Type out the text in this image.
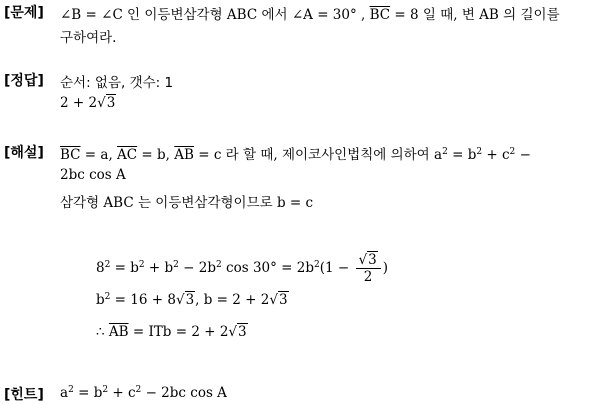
[문제] ∠B = ∠C 인 이등변삼각형 ABC 에서 ∠A = 30° , $\overline{BC} = 8$ 일 때, 변 AB 의 길이를
구하여라.
[정답] 순서: 없음, 갯수: 1
2 + 2√3
[해설] $\overline{BC} = a$, $\overline{AC} = b$, $\overline{AB} = c$ 라 할 때, 제이코사인법칙에 의하여 $a^2 = b^2 + c^2$ −
2bc cos A
삼각형 ABC 는 이등변삼각형이므로 b = c
$8^2 = b^2 + b^2 - 2b^2$ $\cos 30^\circ = 2b^2(1 - \frac{√3}{2}$ )
$b^2 = 16 + 8√3$, b = 2 + 2√3
∴ $\overline{AB}$ = ITb = 2 + 2√3
[힌트] $a^2 = b^2 + c^2 - 2bc$ cos A
